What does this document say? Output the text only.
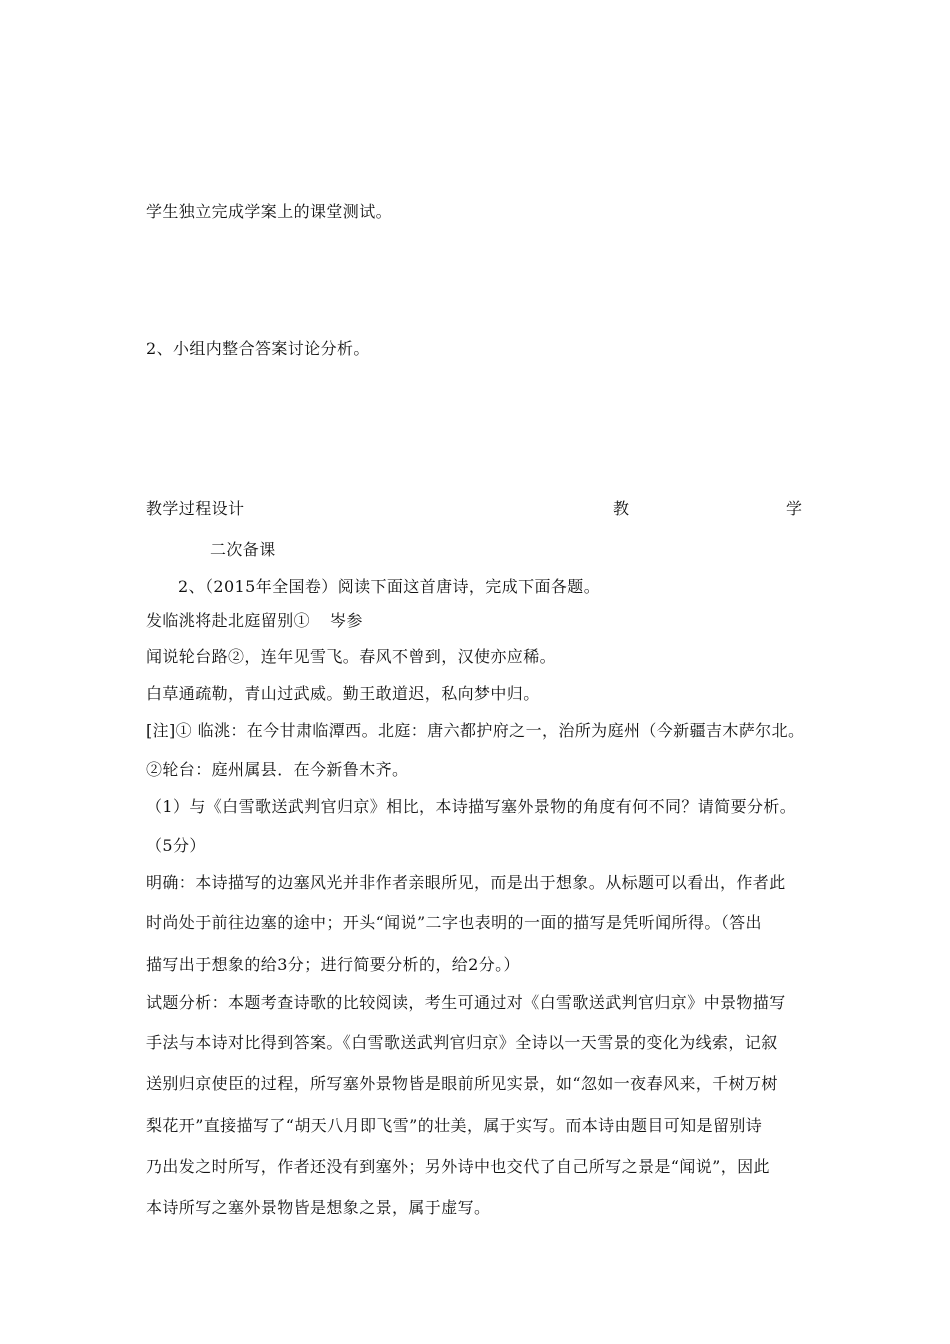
学生独立完成学案上的课堂测试。
2、小组内整合答案讨论分析。
教学过程设计	教	学
二次备课
2、（2015年全国卷）阅读下面这首唐诗，完成下面各题。
发临洮将赴北庭留别① 岑参
闻说轮台路②，连年见雪飞。春风不曾到，汉使亦应稀。
白草通疏勒，青山过武威。勤王敢道迟，私向梦中归。
[注]① 临洮：在今甘肃临潭西。北庭：唐六都护府之一，治所为庭州（今新疆吉木萨尔北。
②轮台：庭州属县．在今新鲁木齐。
（1）与《白雪歌送武判官归京》相比，本诗描写塞外景物的角度有何不同？请简要分析。
（5分）
明确：本诗描写的边塞风光并非作者亲眼所见，而是出于想象。从标题可以看出，作者此
时尚处于前往边塞的途中；开头“闻说”二字也表明的一面的描写是凭听闻所得。（答出
描写出于想象的给3分；进行简要分析的，给2分。）
试题分析：本题考查诗歌的比较阅读，考生可通过对《白雪歌送武判官归京》中景物描写
手法与本诗对比得到答案。《白雪歌送武判官归京》全诗以一天雪景的变化为线索，记叙
送别归京使臣的过程，所写塞外景物皆是眼前所见实景，如“忽如一夜春风来，千树万树
梨花开”直接描写了“胡天八月即飞雪”的壮美，属于实写。而本诗由题目可知是留别诗
乃出发之时所写，作者还没有到塞外；另外诗中也交代了自己所写之景是“闻说”，因此
本诗所写之塞外景物皆是想象之景，属于虚写。
